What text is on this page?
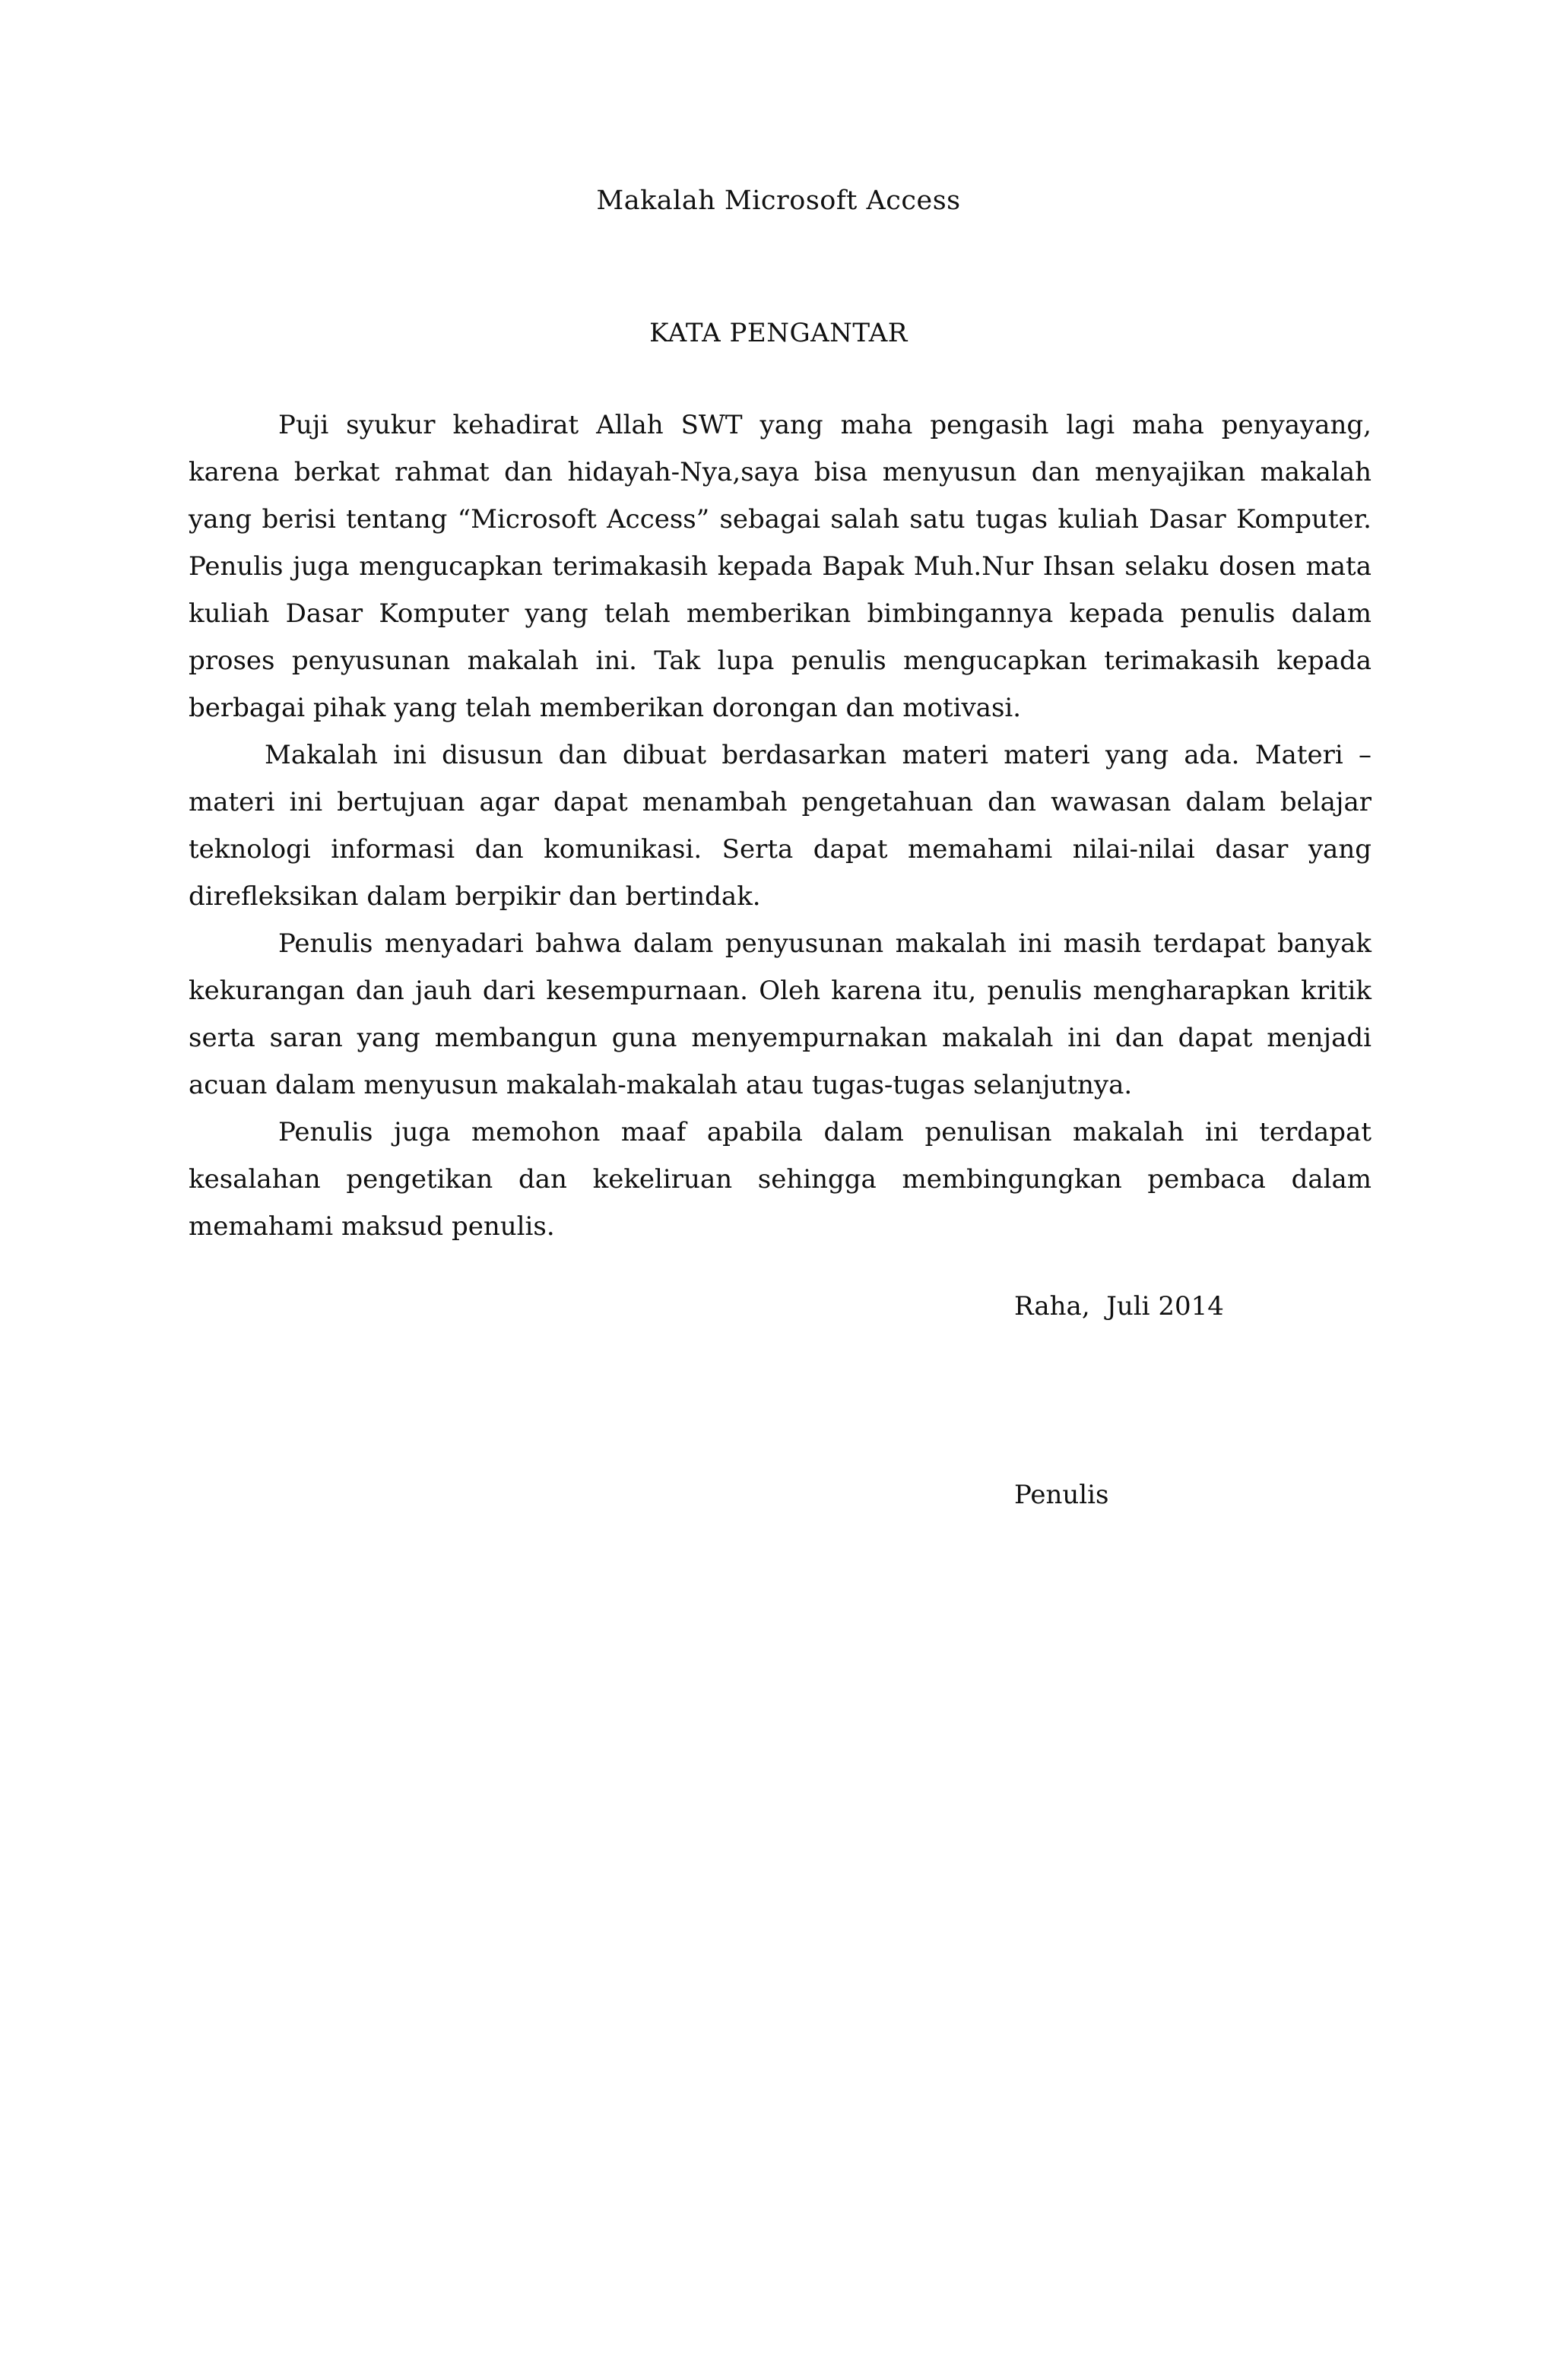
Makalah Microsoft Access
KATA PENGANTAR

Puji syukur kehadirat Allah SWT yang maha pengasih lagi maha penyayang, karena berkat rahmat dan hidayah-Nya,saya bisa menyusun dan menyajikan makalah yang berisi tentang “Microsoft Access” sebagai salah satu tugas kuliah Dasar Komputer. Penulis juga mengucapkan terimakasih kepada Bapak Muh.Nur Ihsan selaku dosen mata kuliah Dasar Komputer yang telah memberikan bimbingannya kepada penulis dalam proses penyusunan makalah ini. Tak lupa penulis mengucapkan terimakasih kepada berbagai pihak yang telah memberikan dorongan dan motivasi.

Makalah ini disusun dan dibuat berdasarkan materi materi yang ada. Materi – materi ini bertujuan agar dapat menambah pengetahuan dan wawasan dalam belajar teknologi informasi dan komunikasi. Serta dapat memahami nilai-nilai dasar yang direfleksikan dalam berpikir dan bertindak.

Penulis menyadari bahwa dalam penyusunan makalah ini masih terdapat banyak kekurangan dan jauh dari kesempurnaan. Oleh karena itu, penulis mengharapkan kritik serta saran yang membangun guna menyempurnakan makalah ini dan dapat menjadi acuan dalam menyusun makalah-makalah atau tugas-tugas selanjutnya.

Penulis juga memohon maaf apabila dalam penulisan makalah ini terdapat kesalahan pengetikan dan kekeliruan sehingga membingungkan pembaca dalam memahami maksud penulis.

Raha,  Juli 2014
Penulis
